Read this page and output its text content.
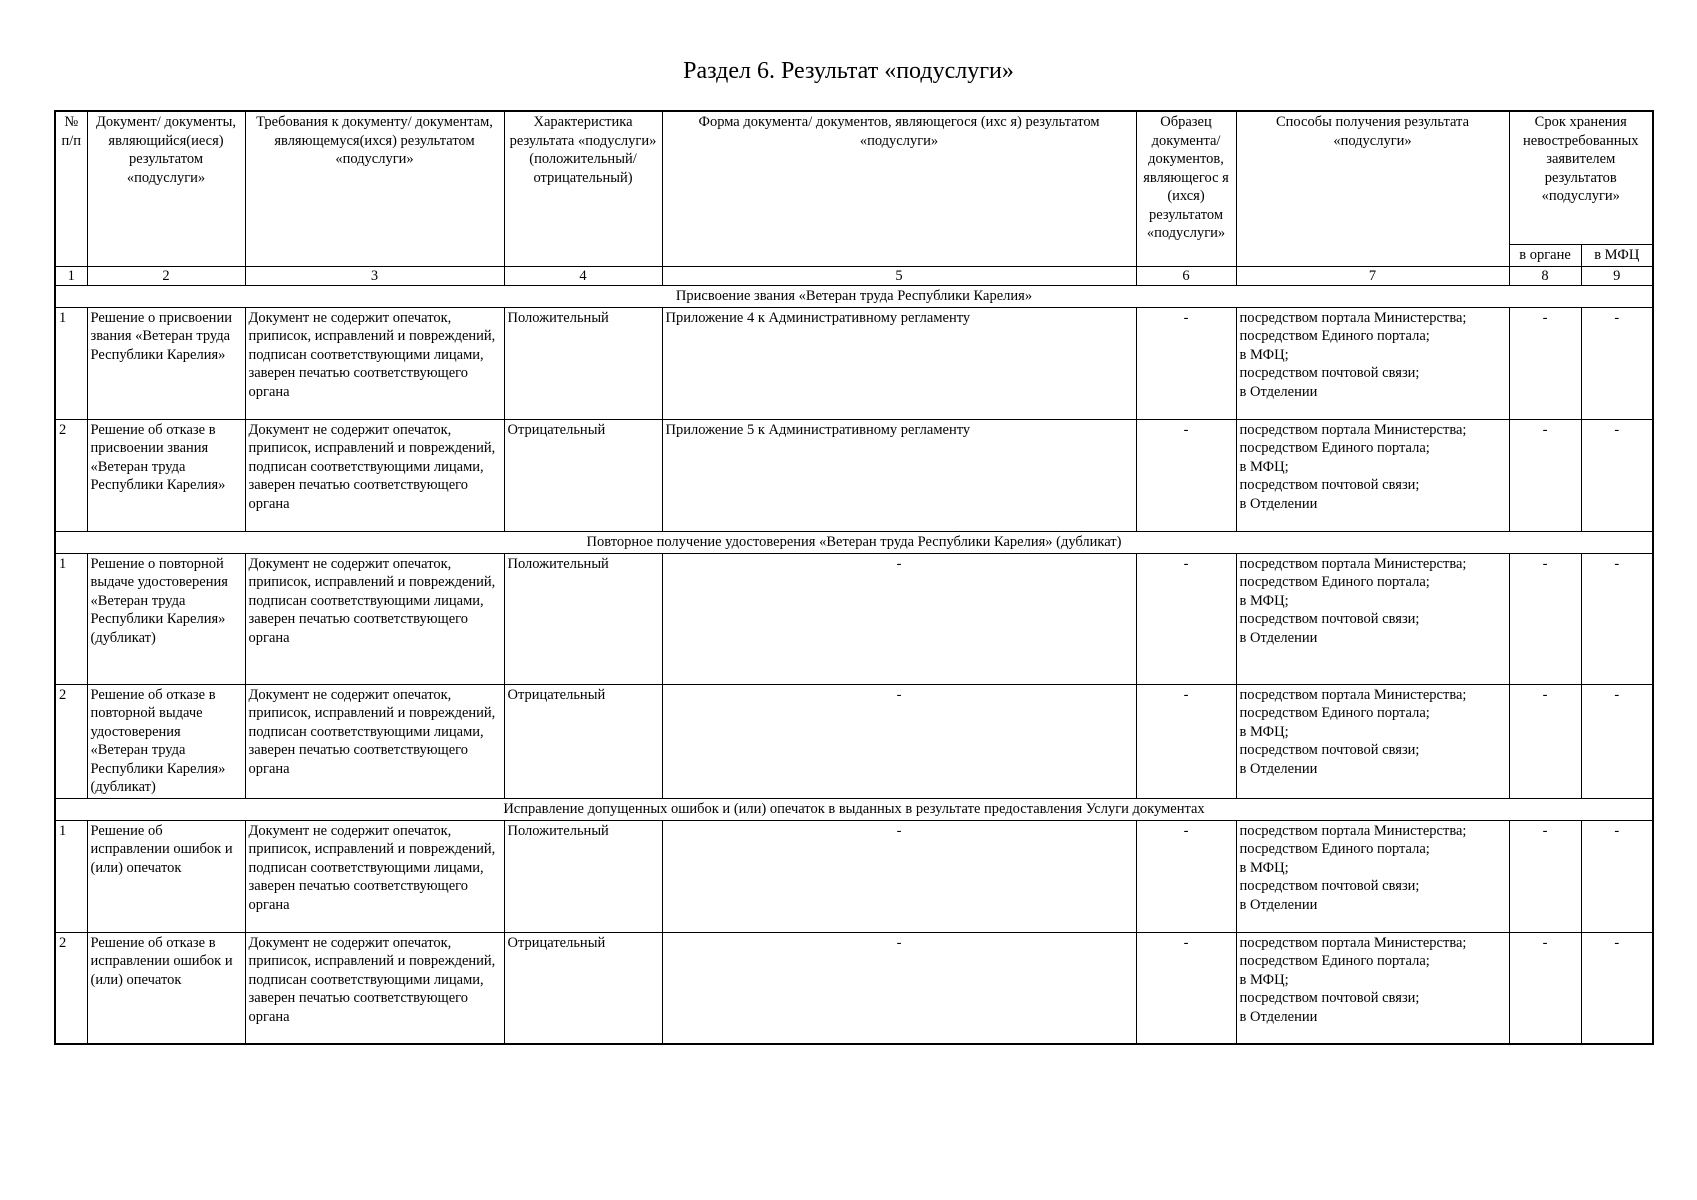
Раздел 6. Результат «подуслуги»
№ п/п	Документ/ документы, являющийся(иеся) результатом «подуслуги»	Требования к документу/ документам, являющемуся(ихся) результатом «подуслуги»	Характеристика результата «подуслуги» (положительный/ отрицательный)	Форма документа/ документов, являющегося (ихс я) результатом «подуслуги»	Образец документа/ документов, являющегос я (ихся) результатом «подуслуги»	Способы получения результата «подуслуги»	Срок хранения невостребованных заявителем результатов «подуслуги»	
							в органе	в МФЦ
1	2	3	4	5	6	7	8	9
Присвоение звания «Ветеран труда Республики Карелия»								
1	Решение о присвоении звания «Ветеран труда Республики Карелия»	Документ не содержит опечаток, приписок, исправлений и повреждений, подписан соответствующими лицами, заверен печатью соответствующего органа	Положительный	Приложение 4 к Административному регламенту	-	посредством портала Министерства;
посредством Единого портала;
в МФЦ;
посредством почтовой связи;
в Отделении	-	-
2	Решение об отказе в присвоении звания «Ветеран труда Республики Карелия»	Документ не содержит опечаток, приписок, исправлений и повреждений, подписан соответствующими лицами, заверен печатью соответствующего органа	Отрицательный	Приложение 5 к Административному регламенту	-	посредством портала Министерства;
посредством Единого портала;
в МФЦ;
посредством почтовой связи;
в Отделении	-	-
Повторное получение удостоверения «Ветеран труда Республики Карелия» (дубликат)								
1	Решение о повторной выдаче удостоверения «Ветеран труда Республики Карелия» (дубликат)	Документ не содержит опечаток, приписок, исправлений и повреждений, подписан соответствующими лицами, заверен печатью соответствующего органа	Положительный	-	-	посредством портала Министерства;
посредством Единого портала;
в МФЦ;
посредством почтовой связи;
в Отделении	-	-
2	Решение об отказе в повторной выдаче удостоверения «Ветеран труда Республики Карелия» (дубликат)	Документ не содержит опечаток, приписок, исправлений и повреждений, подписан соответствующими лицами, заверен печатью соответствующего органа	Отрицательный	-	-	посредством портала Министерства;
посредством Единого портала;
в МФЦ;
посредством почтовой связи;
в Отделении	-	-
Исправление допущенных ошибок и (или) опечаток в выданных в результате предоставления Услуги документах								
1	Решение об исправлении ошибок и (или) опечаток	Документ не содержит опечаток, приписок, исправлений и повреждений, подписан соответствующими лицами, заверен печатью соответствующего органа	Положительный	-	-	посредством портала Министерства;
посредством Единого портала;
в МФЦ;
посредством почтовой связи;
в Отделении	-	-
2	Решение об отказе в исправлении ошибок и (или) опечаток	Документ не содержит опечаток, приписок, исправлений и повреждений, подписан соответствующими лицами, заверен печатью соответствующего органа	Отрицательный	-	-	посредством портала Министерства;
посредством Единого портала;
в МФЦ;
посредством почтовой связи;
в Отделении	-	-
